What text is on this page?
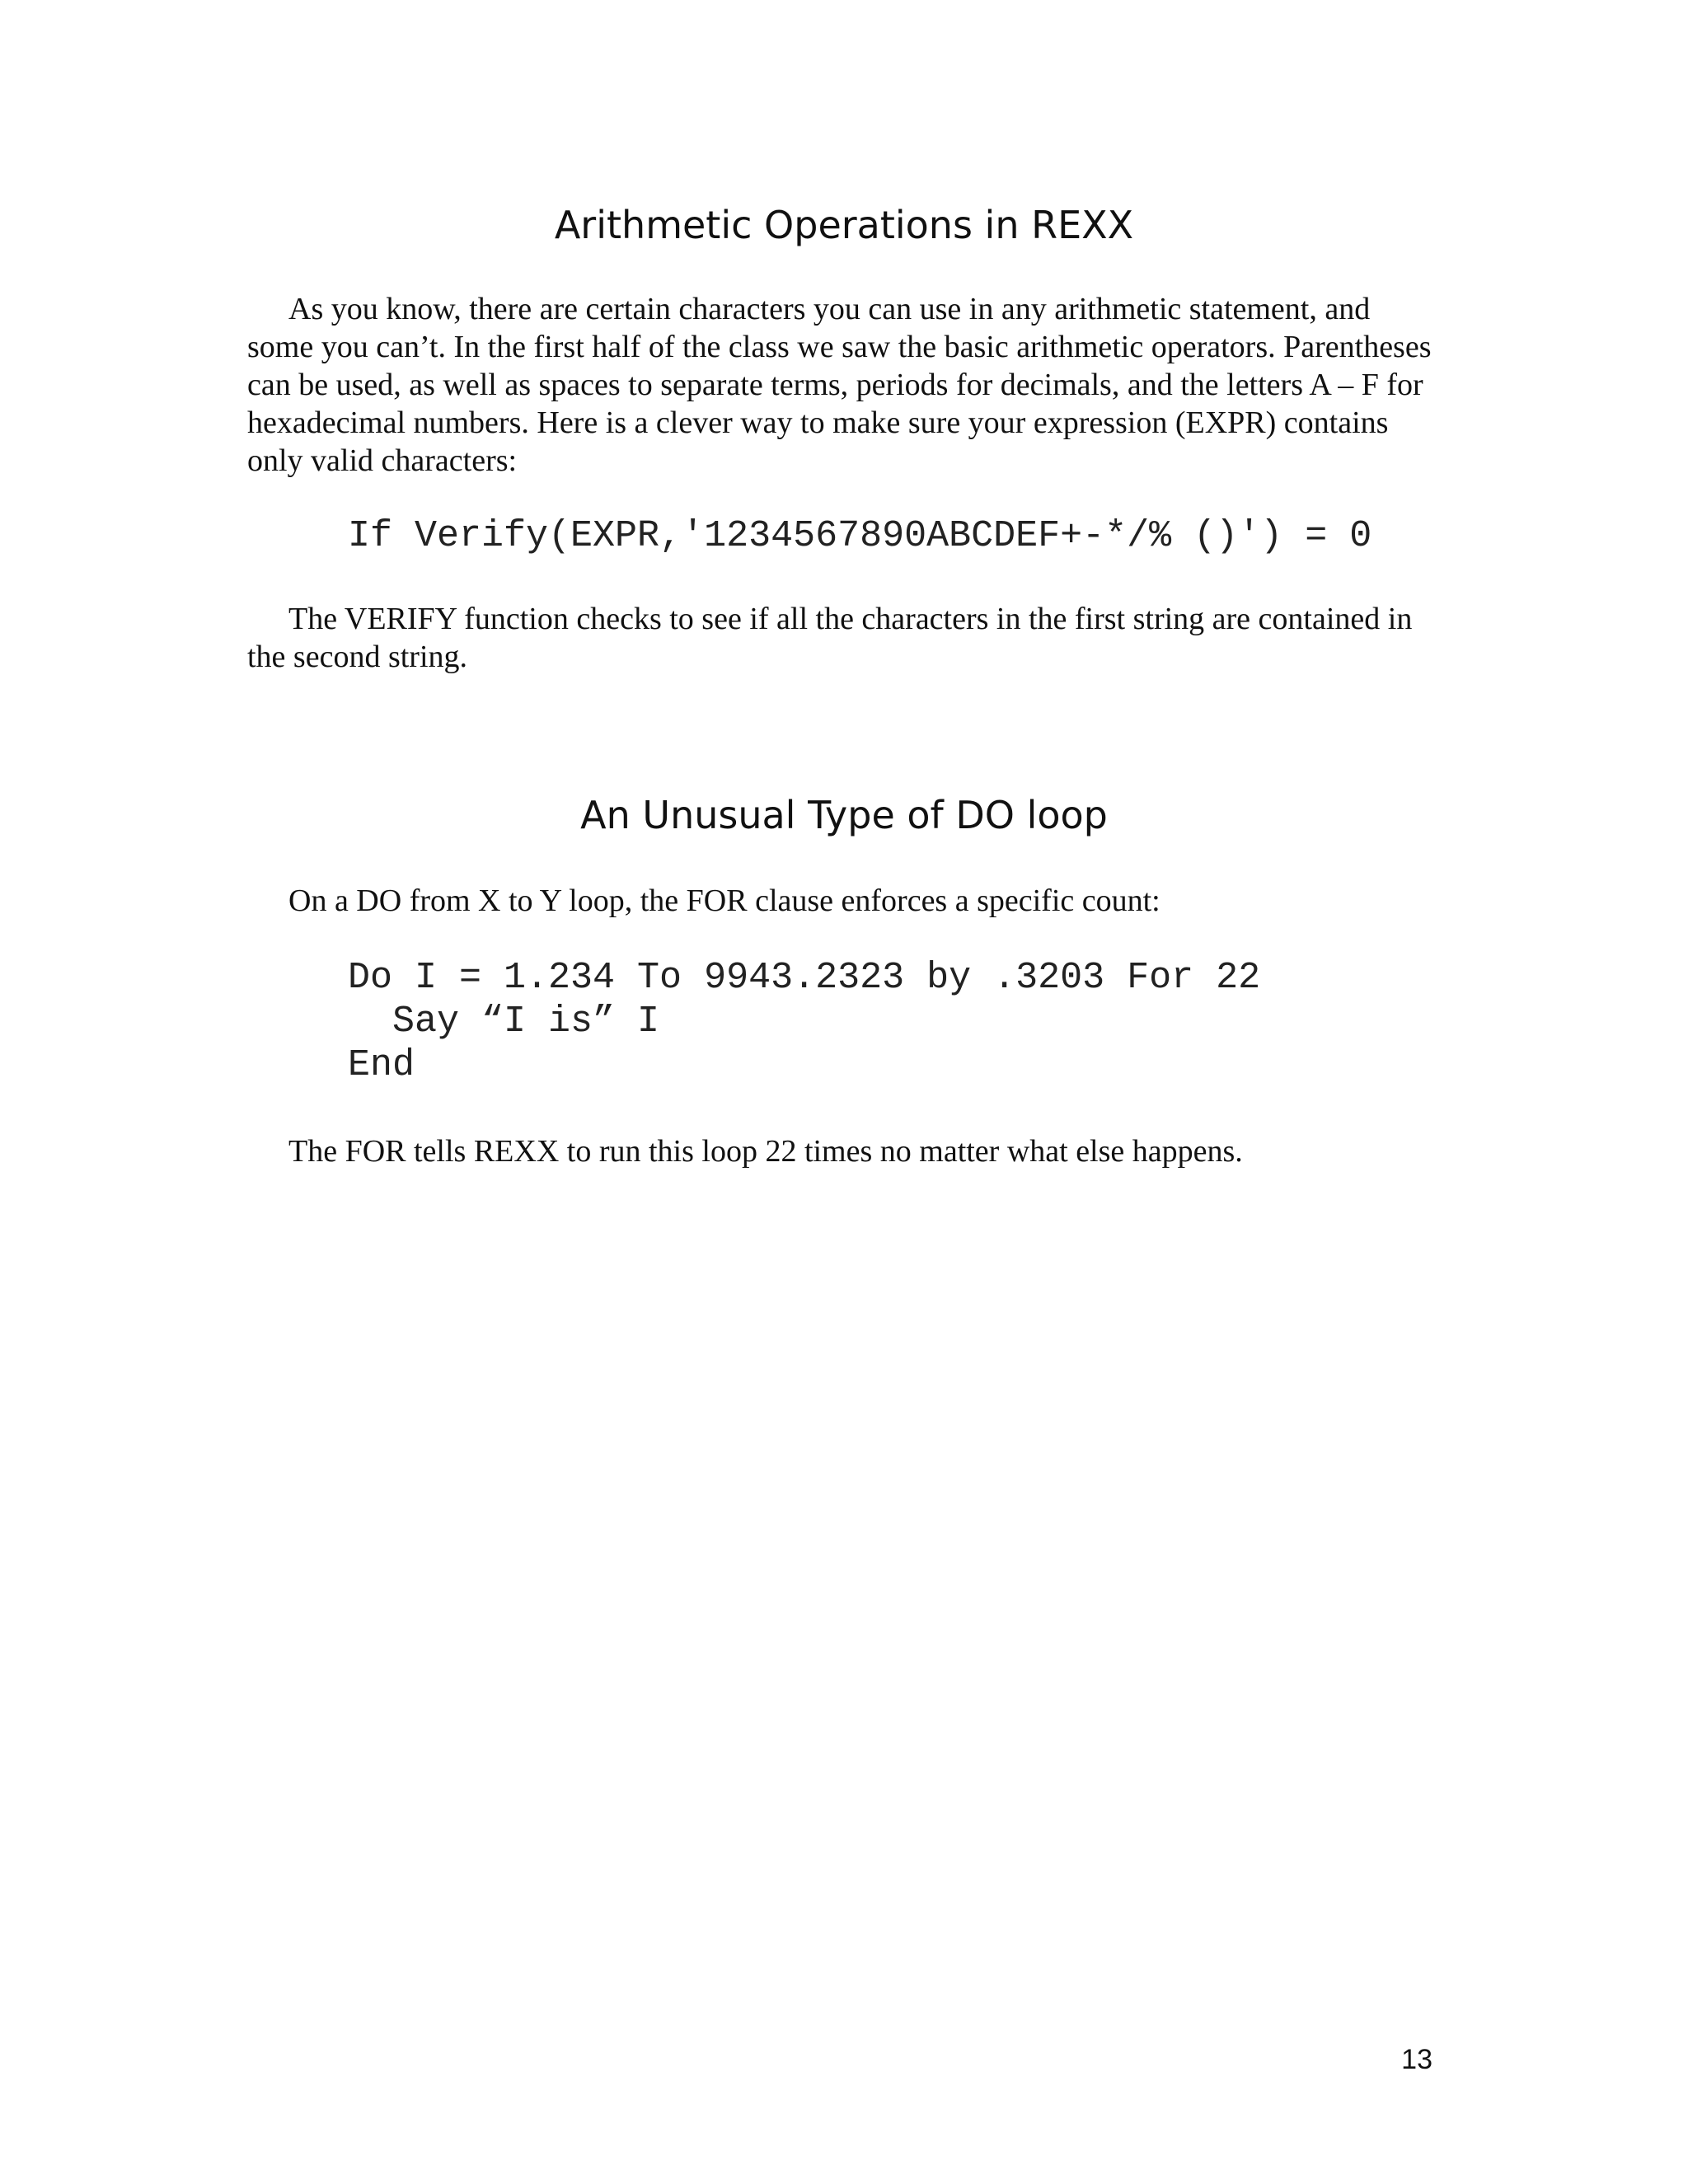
Arithmetic Operations in REXX

As you know, there are certain characters you can use in any arithmetic statement, and some you can’t. In the first half of the class we saw the basic arithmetic operators. Parentheses can be used, as well as spaces to separate terms, periods for decimals, and the letters A – F for hexadecimal numbers. Here is a clever way to make sure your expression (EXPR) contains only valid characters:

If Verify(EXPR,'1234567890ABCDEF+-*/% ()') = 0

The VERIFY function checks to see if all the characters in the first string are contained in the second string.

An Unusual Type of DO loop

On a DO from X to Y loop, the FOR clause enforces a specific count:

Do I = 1.234 To 9943.2323 by .3203 For 22
Say “I is” I
End

The FOR tells REXX to run this loop 22 times no matter what else happens.

13
